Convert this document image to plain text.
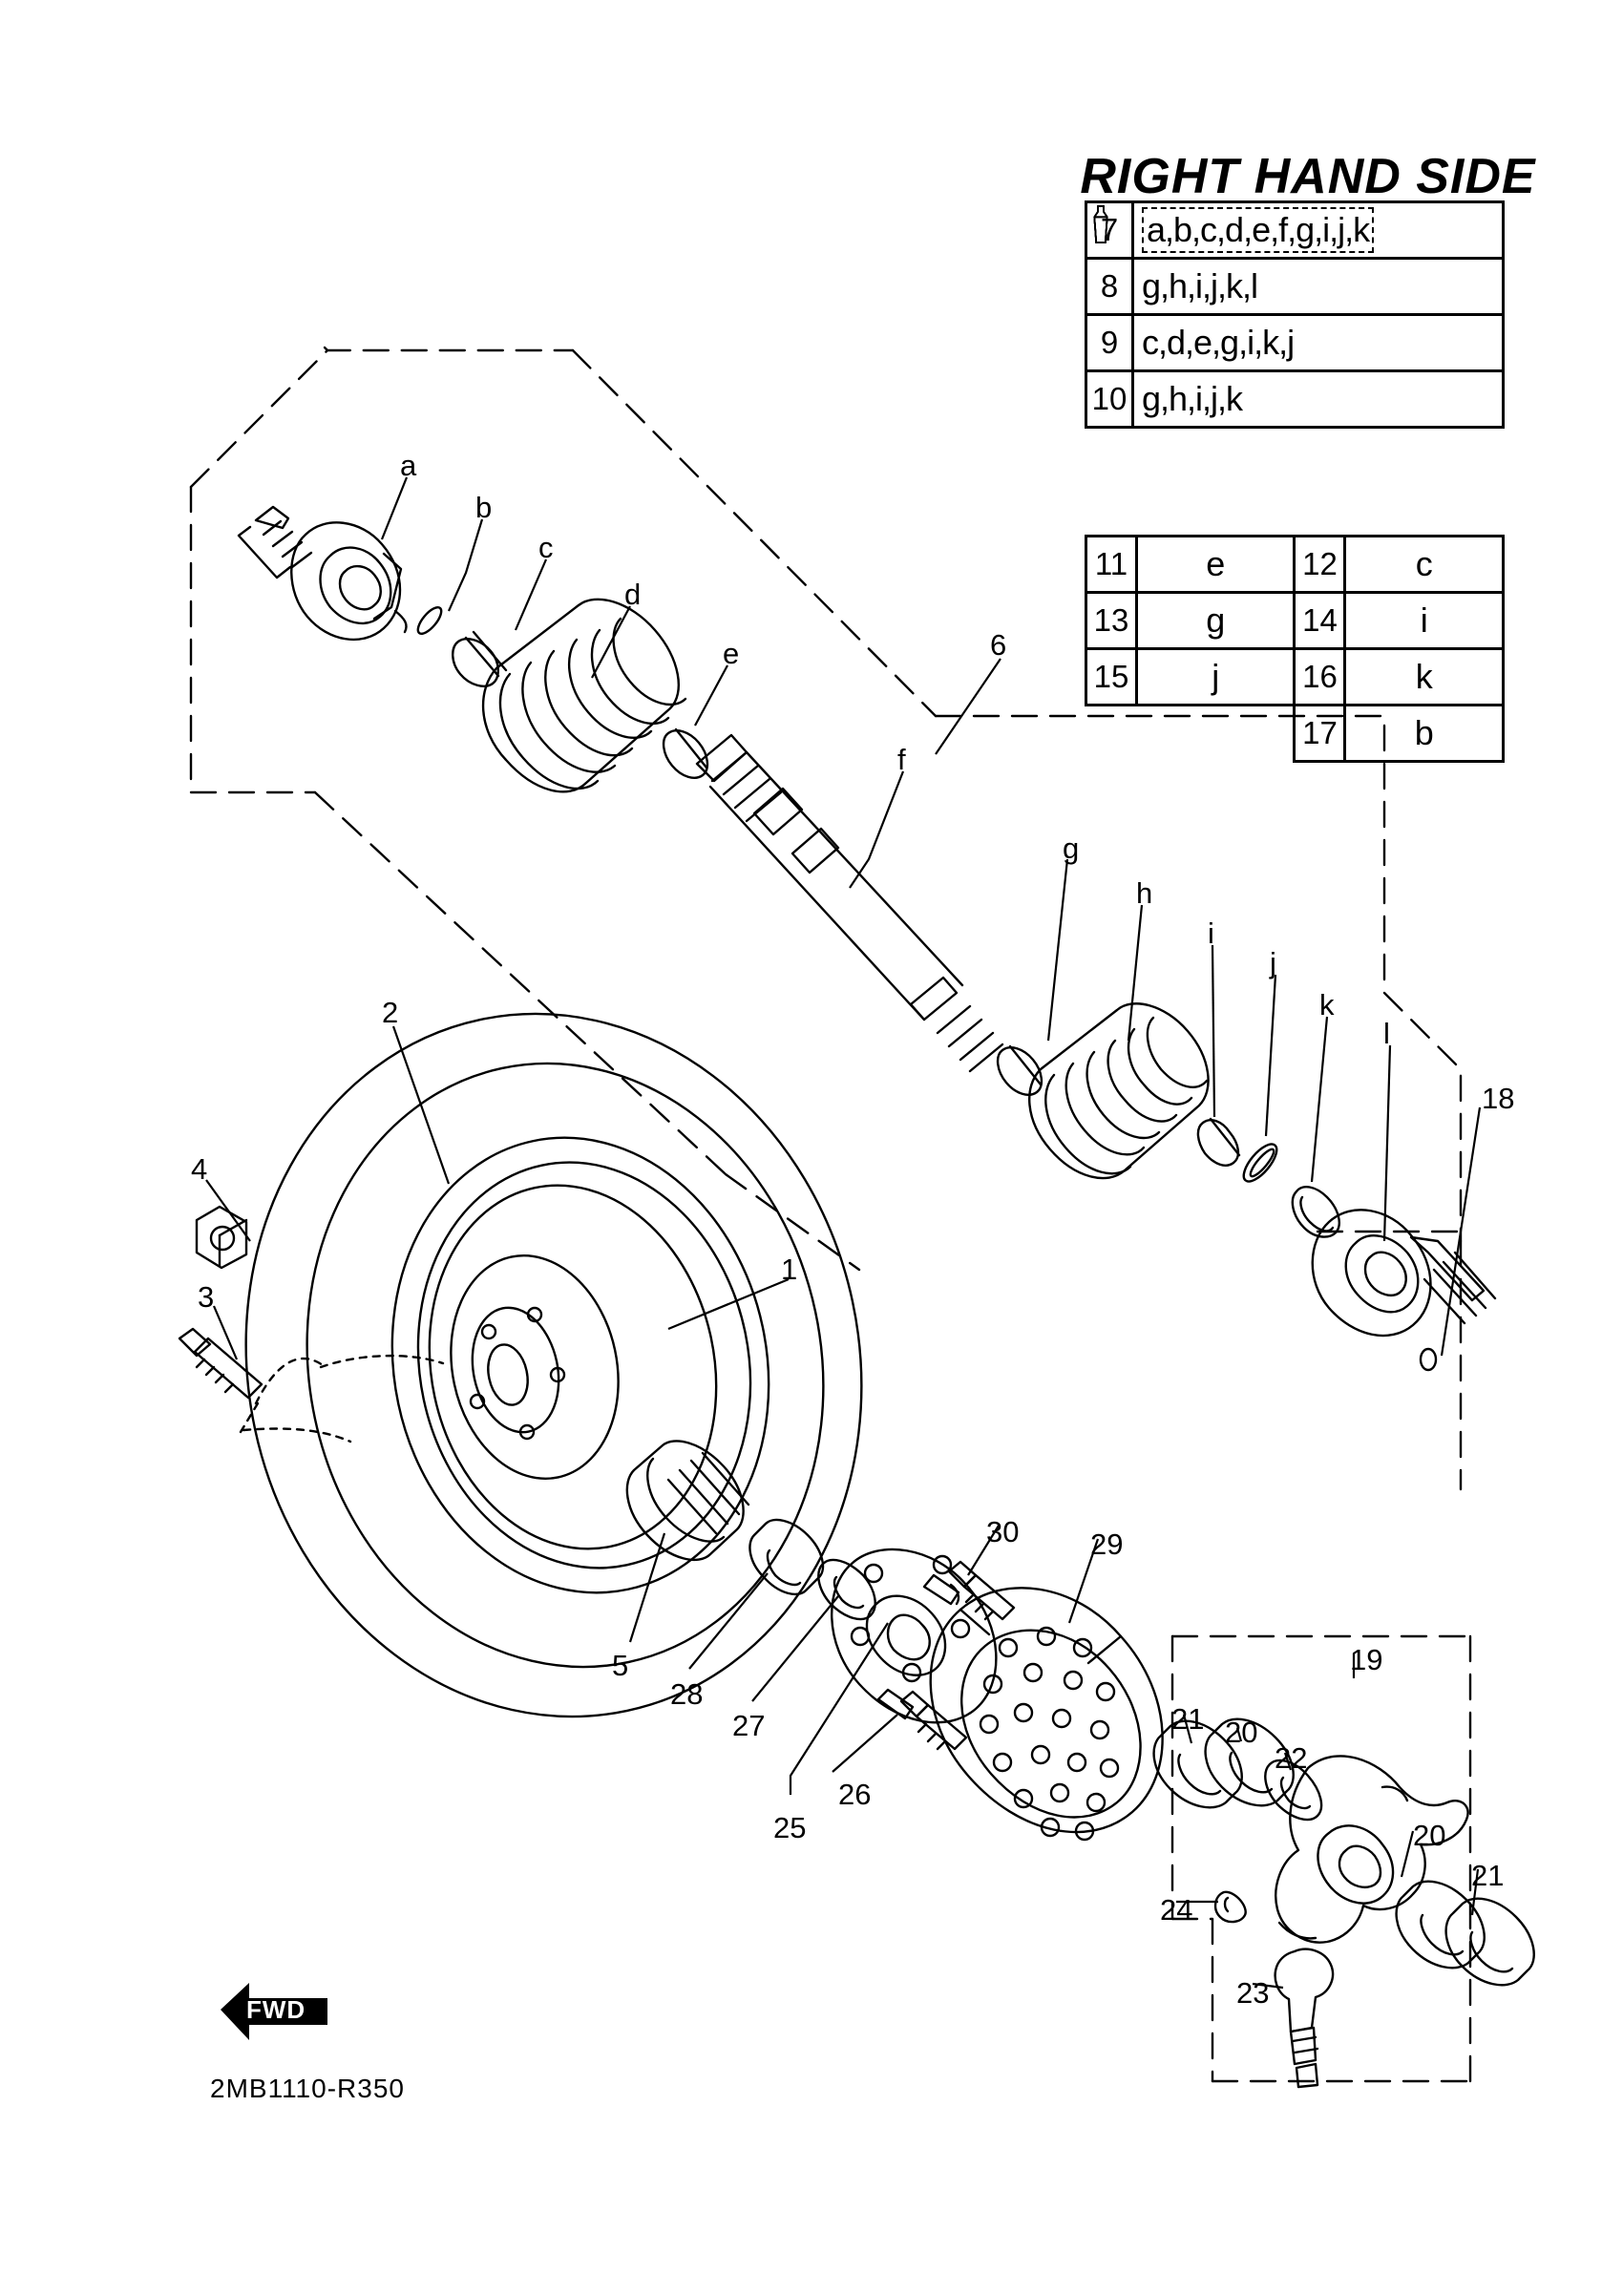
RIGHT HAND SIDE
FWD
2MB1110-R350
a
b
c
d
e
f
g
h
i
j
k
l
1
2
3
4
5
6
18
19
20
20
21
21
22
23
24
25
26
27
28
29
30
7	a,b,c,d,e,f,g,i,j,k

8	g,h,i,j,k,l

9	c,d,e,g,i,k,j

10	g,h,i,j,k
11	e	12	c
13	g	14	i
15	j	16	k
		17	b
